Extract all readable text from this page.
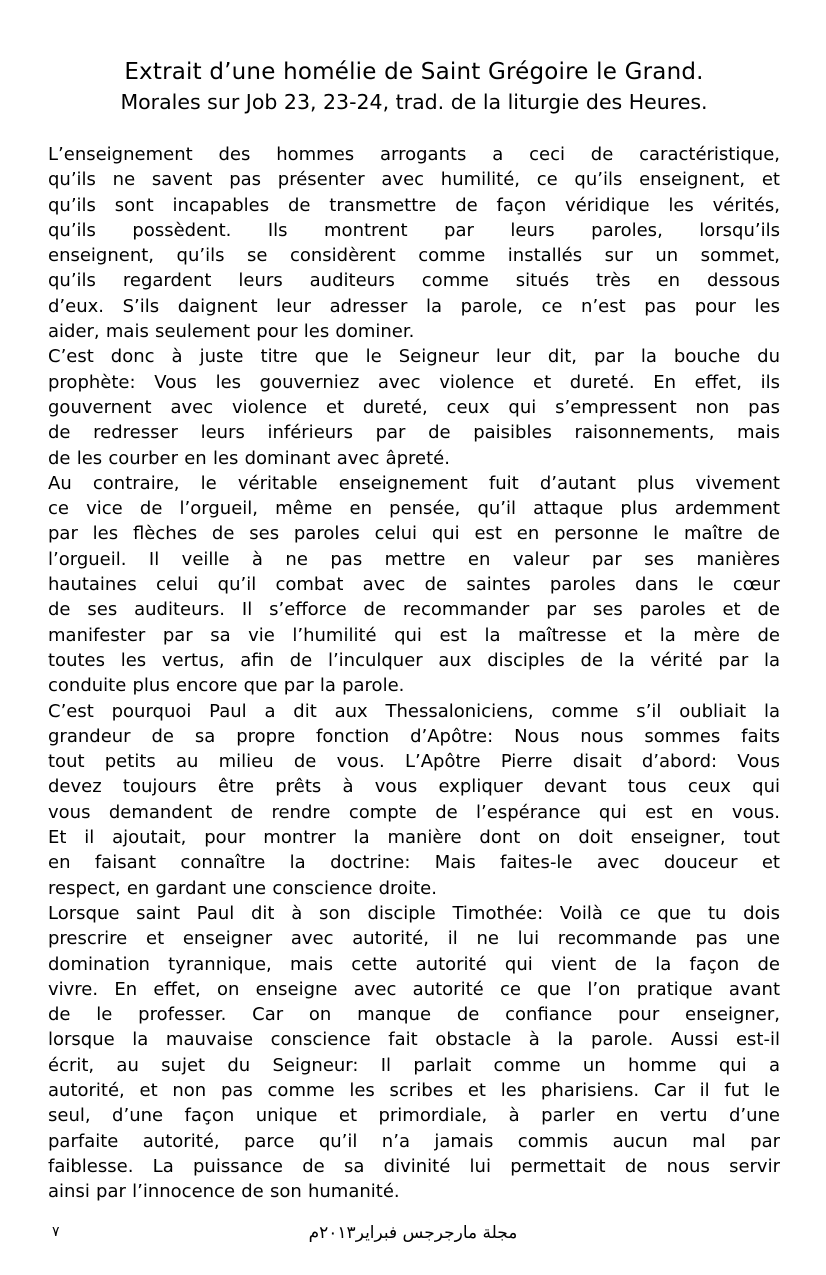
Extrait d’une homélie de Saint Grégoire le Grand.
Morales sur Job 23, 23-24, trad. de la liturgie des Heures.
L’enseignement des hommes arrogants a ceci de caractéristique,
qu’ils ne savent pas présenter avec humilité, ce qu’ils enseignent, et
qu’ils sont incapables de transmettre de façon véridique les vérités,
qu’ils possèdent. Ils montrent par leurs paroles, lorsqu’ils
enseignent, qu’ils se considèrent comme installés sur un sommet,
qu’ils regardent leurs auditeurs comme situés très en dessous
d’eux. S’ils daignent leur adresser la parole, ce n’est pas pour les
aider, mais seulement pour les dominer.
C’est donc à juste titre que le Seigneur leur dit, par la bouche du
prophète: Vous les gouverniez avec violence et dureté. En effet, ils
gouvernent avec violence et dureté, ceux qui s’empressent non pas
de redresser leurs inférieurs par de paisibles raisonnements, mais
de les courber en les dominant avec âpreté.
Au contraire, le véritable enseignement fuit d’autant plus vivement
ce vice de l’orgueil, même en pensée, qu’il attaque plus ardemment
par les flèches de ses paroles celui qui est en personne le maître de
l’orgueil. Il veille à ne pas mettre en valeur par ses manières
hautaines celui qu’il combat avec de saintes paroles dans le cœur
de ses auditeurs. Il s’efforce de recommander par ses paroles et de
manifester par sa vie l’humilité qui est la maîtresse et la mère de
toutes les vertus, afin de l’inculquer aux disciples de la vérité par la
conduite plus encore que par la parole.
C’est pourquoi Paul a dit aux Thessaloniciens, comme s’il oubliait la
grandeur de sa propre fonction d’Apôtre: Nous nous sommes faits
tout petits au milieu de vous. L’Apôtre Pierre disait d’abord: Vous
devez toujours être prêts à vous expliquer devant tous ceux qui
vous demandent de rendre compte de l’espérance qui est en vous.
Et il ajoutait, pour montrer la manière dont on doit enseigner, tout
en faisant connaître la doctrine: Mais faites-le avec douceur et
respect, en gardant une conscience droite.
Lorsque saint Paul dit à son disciple Timothée: Voilà ce que tu dois
prescrire et enseigner avec autorité, il ne lui recommande pas une
domination tyrannique, mais cette autorité qui vient de la façon de
vivre. En effet, on enseigne avec autorité ce que l’on pratique avant
de le professer. Car on manque de confiance pour enseigner,
lorsque la mauvaise conscience fait obstacle à la parole. Aussi est-il
écrit, au sujet du Seigneur: Il parlait comme un homme qui a
autorité, et non pas comme les scribes et les pharisiens. Car il fut le
seul, d’une façon unique et primordiale, à parler en vertu d’une
parfaite autorité, parce qu’il n’a jamais commis aucun mal par
faiblesse. La puissance de sa divinité lui permettait de nous servir
ainsi par l’innocence de son humanité.
مجلة مارجرجس فبراير٢٠١٣م
٧
